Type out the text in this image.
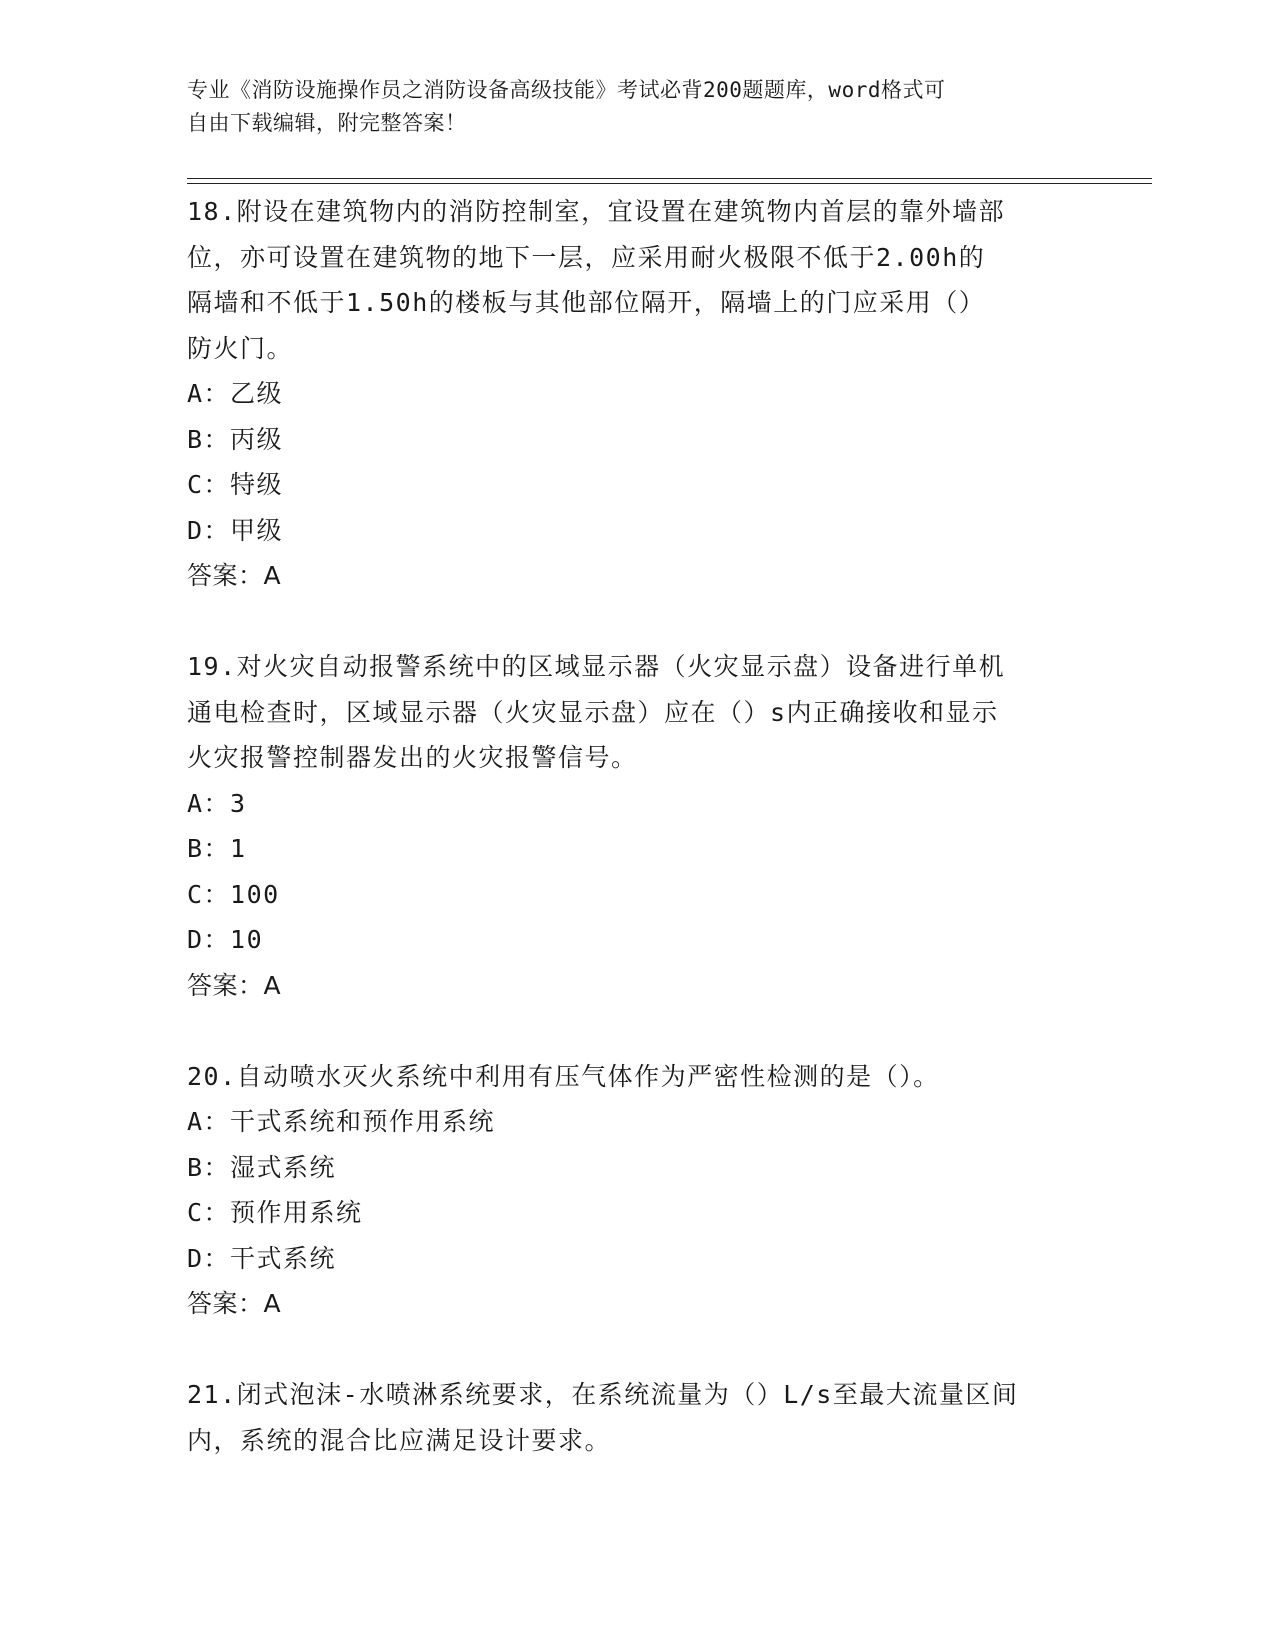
专业《消防设施操作员之消防设备高级技能》考试必背200题题库，word格式可
自由下载编辑，附完整答案！
18.附设在建筑物内的消防控制室，宜设置在建筑物内首层的靠外墙部
位，亦可设置在建筑物的地下一层，应采用耐火极限不低于2.00h的
隔墙和不低于1.50h的楼板与其他部位隔开，隔墙上的门应采用（）
防火门。
A：乙级
B：丙级
C：特级
D：甲级
答案：A
19.对火灾自动报警系统中的区域显示器（火灾显示盘）设备进行单机
通电检查时，区域显示器（火灾显示盘）应在（）s内正确接收和显示
火灾报警控制器发出的火灾报警信号。
A：3
B：1
C：100
D：10
答案：A
20.自动喷水灭火系统中利用有压气体作为严密性检测的是（）。
A：干式系统和预作用系统
B：湿式系统
C：预作用系统
D：干式系统
答案：A
21.闭式泡沫-水喷淋系统要求，在系统流量为（）L/s至最大流量区间
内，系统的混合比应满足设计要求。
